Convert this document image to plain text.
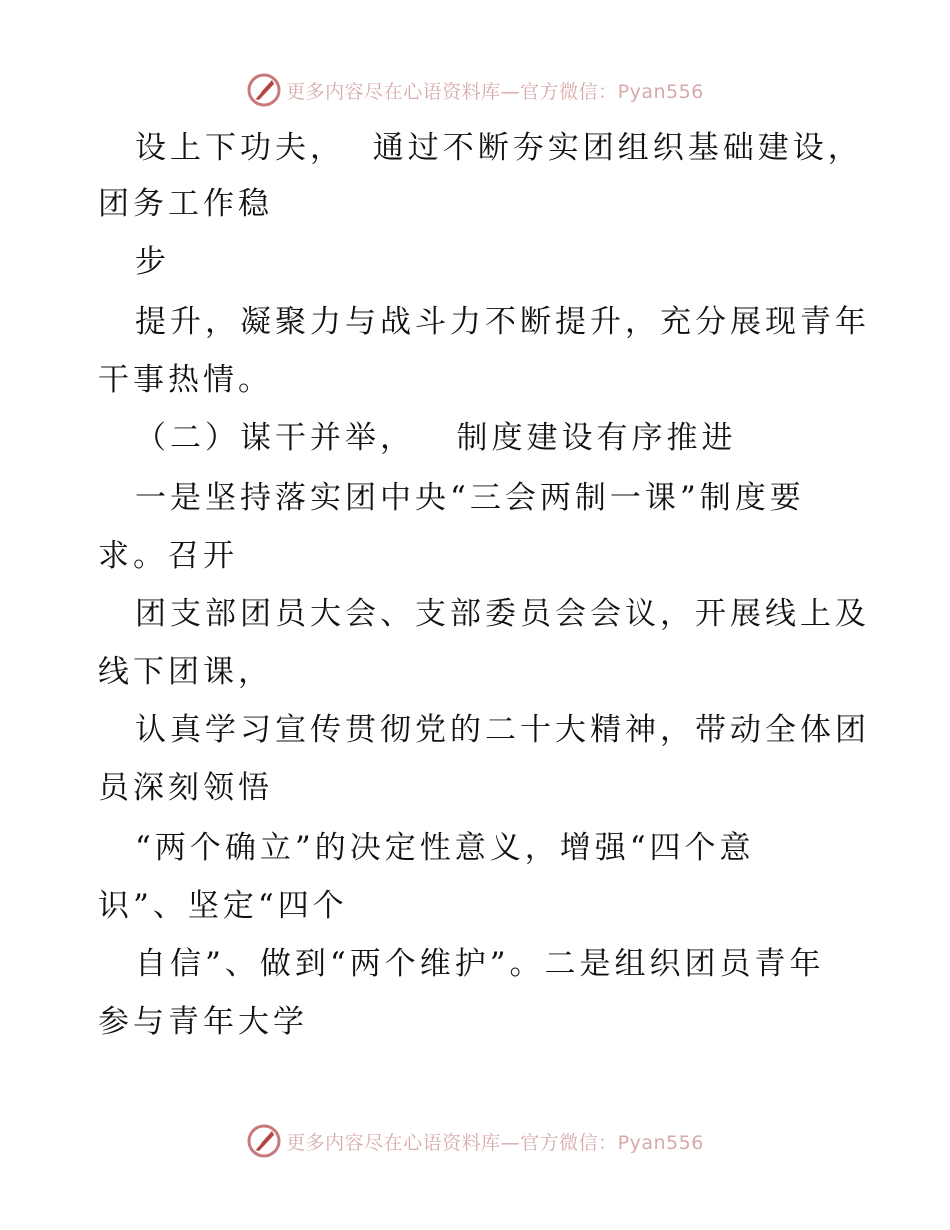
更多内容尽在心语资料库—官方微信：Pyan556
设上下功夫，  通过不断夯实团组织基础建设，
团务工作稳
步
提升，凝聚力与战斗力不断提升，充分展现青年
干事热情。
（二）谋干并举，   制度建设有序推进
一是坚持落实团中央“三会两制一课”制度要
求。召开
团支部团员大会、支部委员会会议，开展线上及
线下团课，
认真学习宣传贯彻党的二十大精神，带动全体团
员深刻领悟
“两个确立”的决定性意义，增强“四个意
识”、坚定“四个
自信”、做到“两个维护”。二是组织团员青年
参与青年大学
更多内容尽在心语资料库—官方微信：Pyan556
